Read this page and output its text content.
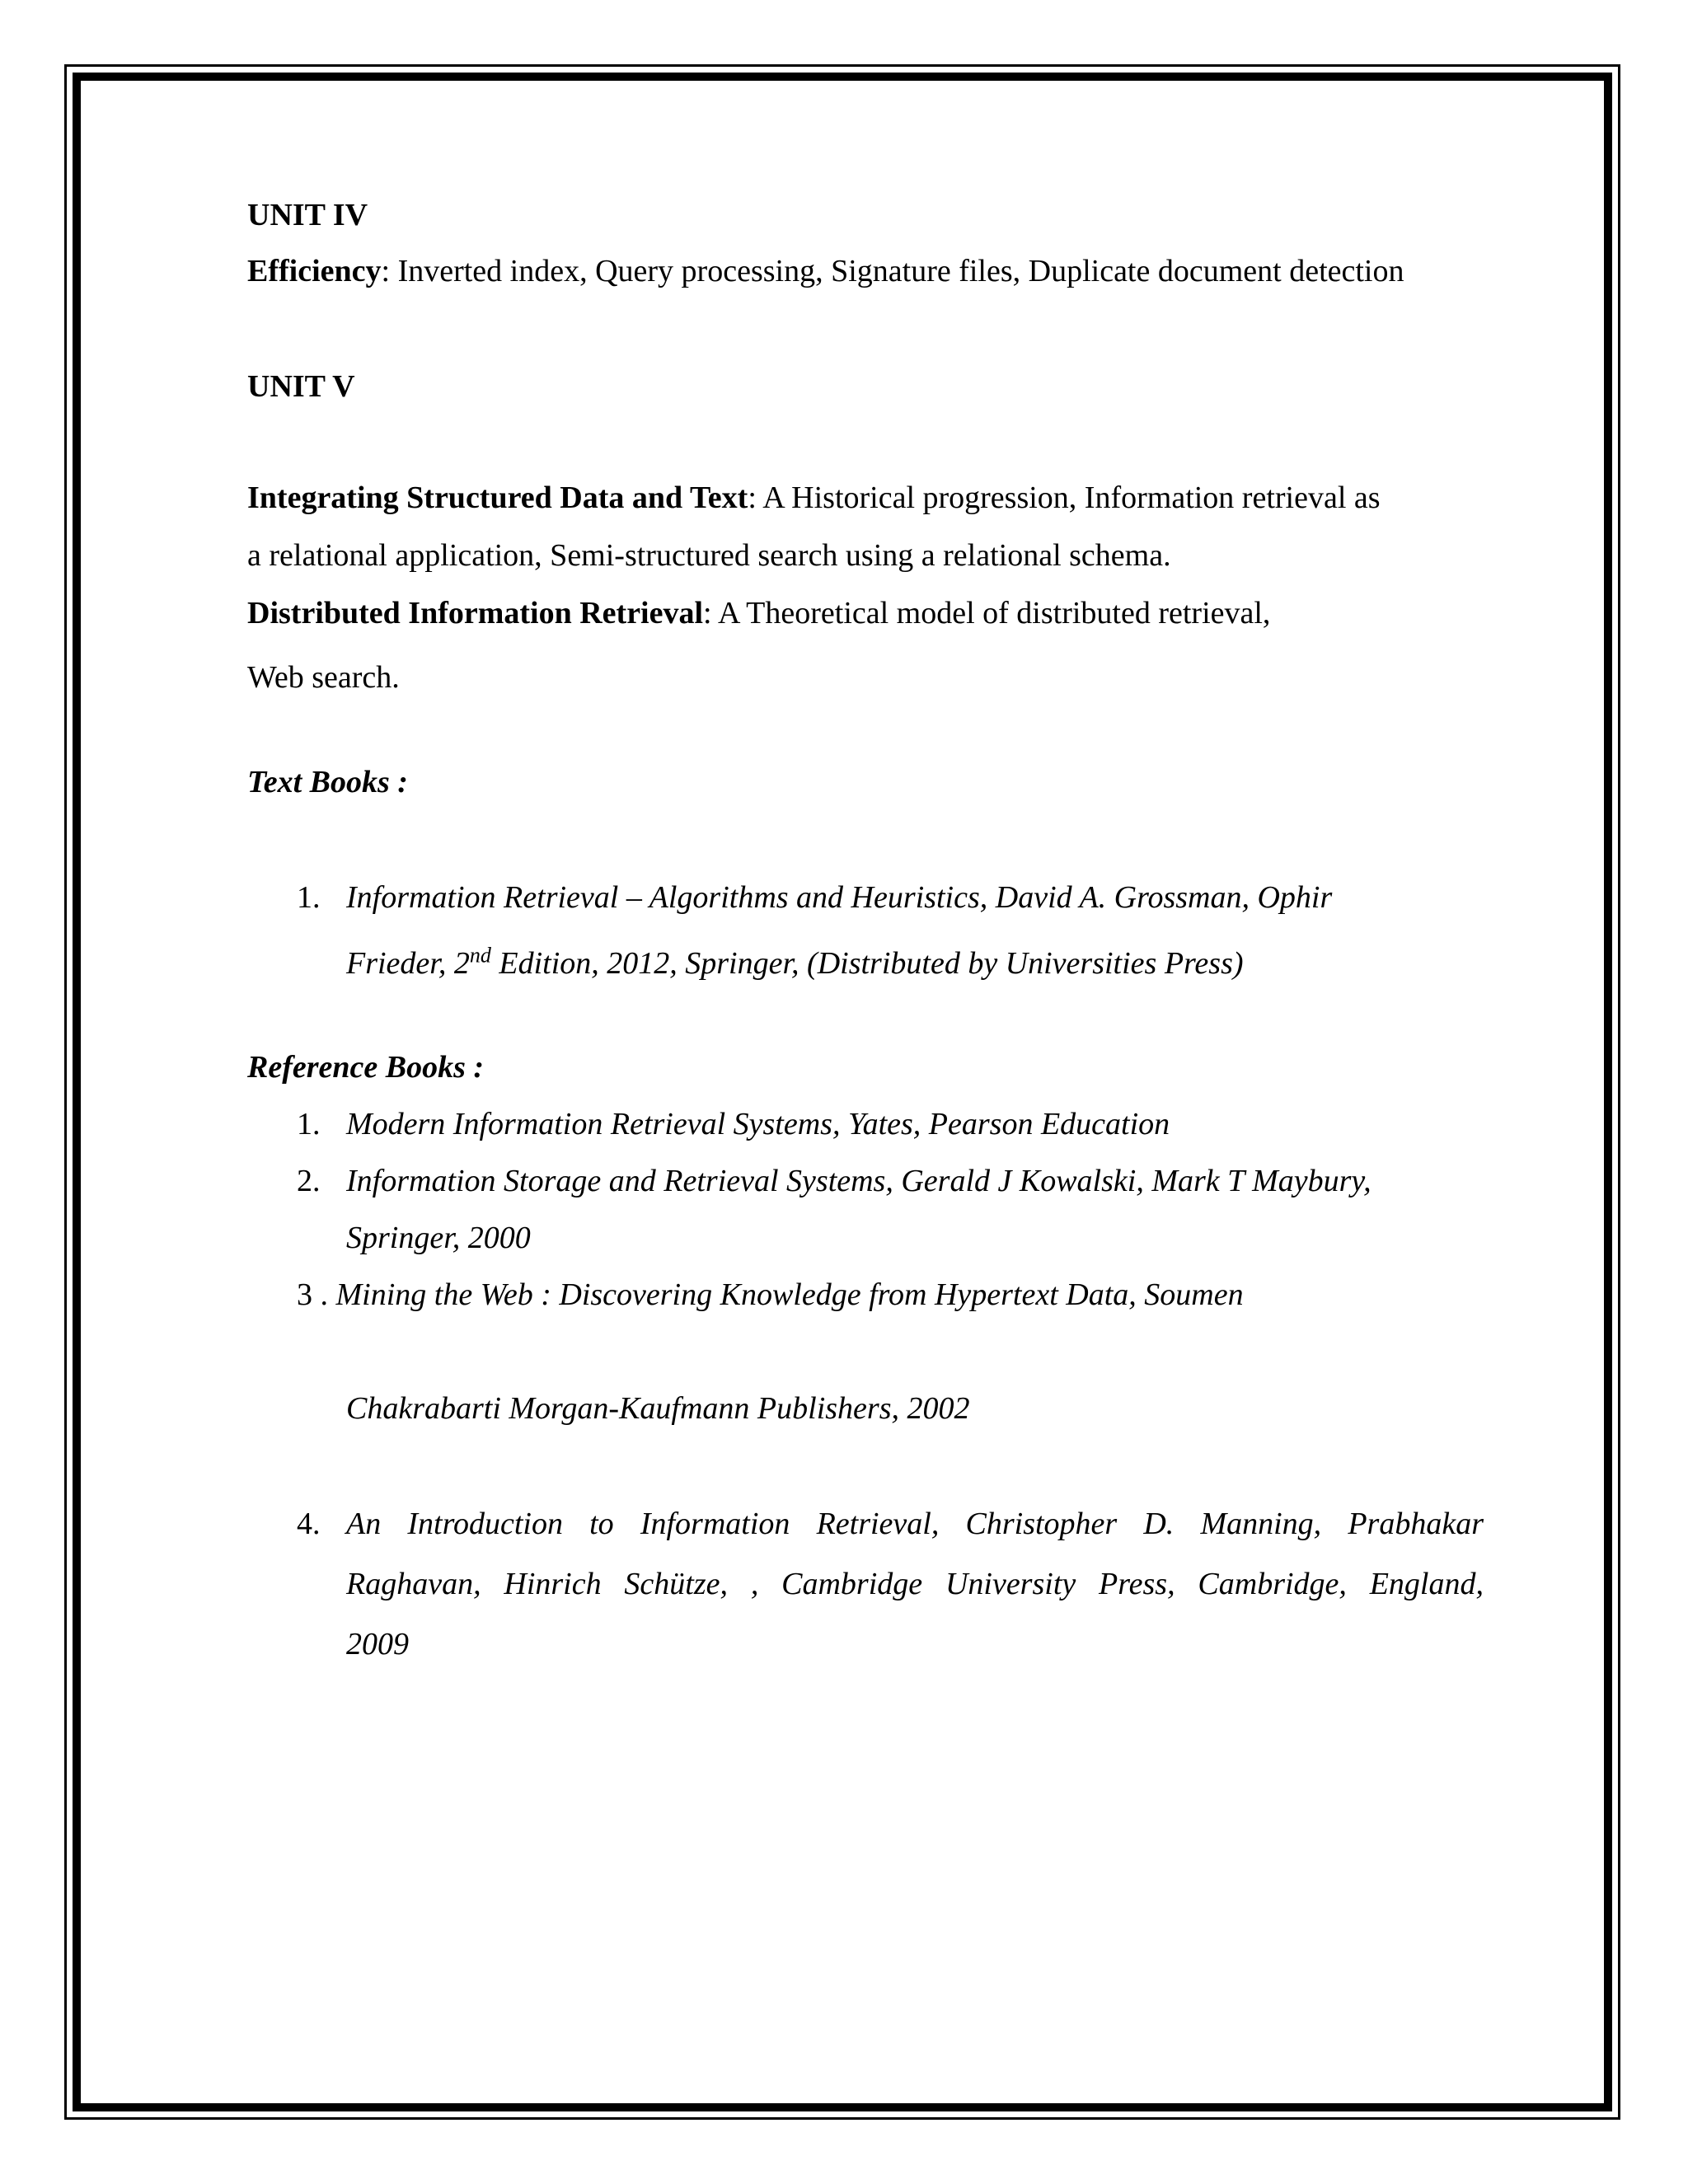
UNIT IV
Efficiency: Inverted index, Query processing, Signature files, Duplicate document detection
UNIT V
Integrating Structured Data and Text: A Historical progression, Information retrieval as
a relational application, Semi-structured search using a relational schema.
Distributed Information Retrieval: A Theoretical model of distributed retrieval,
Web search.
Text Books :
1. Information Retrieval – Algorithms and Heuristics, David A. Grossman, Ophir
Frieder, 2nd Edition, 2012, Springer, (Distributed by Universities Press)
Reference Books :
1. Modern Information Retrieval Systems, Yates, Pearson Education
2. Information Storage and Retrieval Systems, Gerald J Kowalski, Mark T Maybury,
Springer, 2000
3 . Mining the Web : Discovering Knowledge from Hypertext Data, Soumen
Chakrabarti Morgan-Kaufmann Publishers, 2002
4. An Introduction to Information Retrieval, Christopher D. Manning, Prabhakar
Raghavan, Hinrich Schütze, , Cambridge University Press, Cambridge, England,
2009
